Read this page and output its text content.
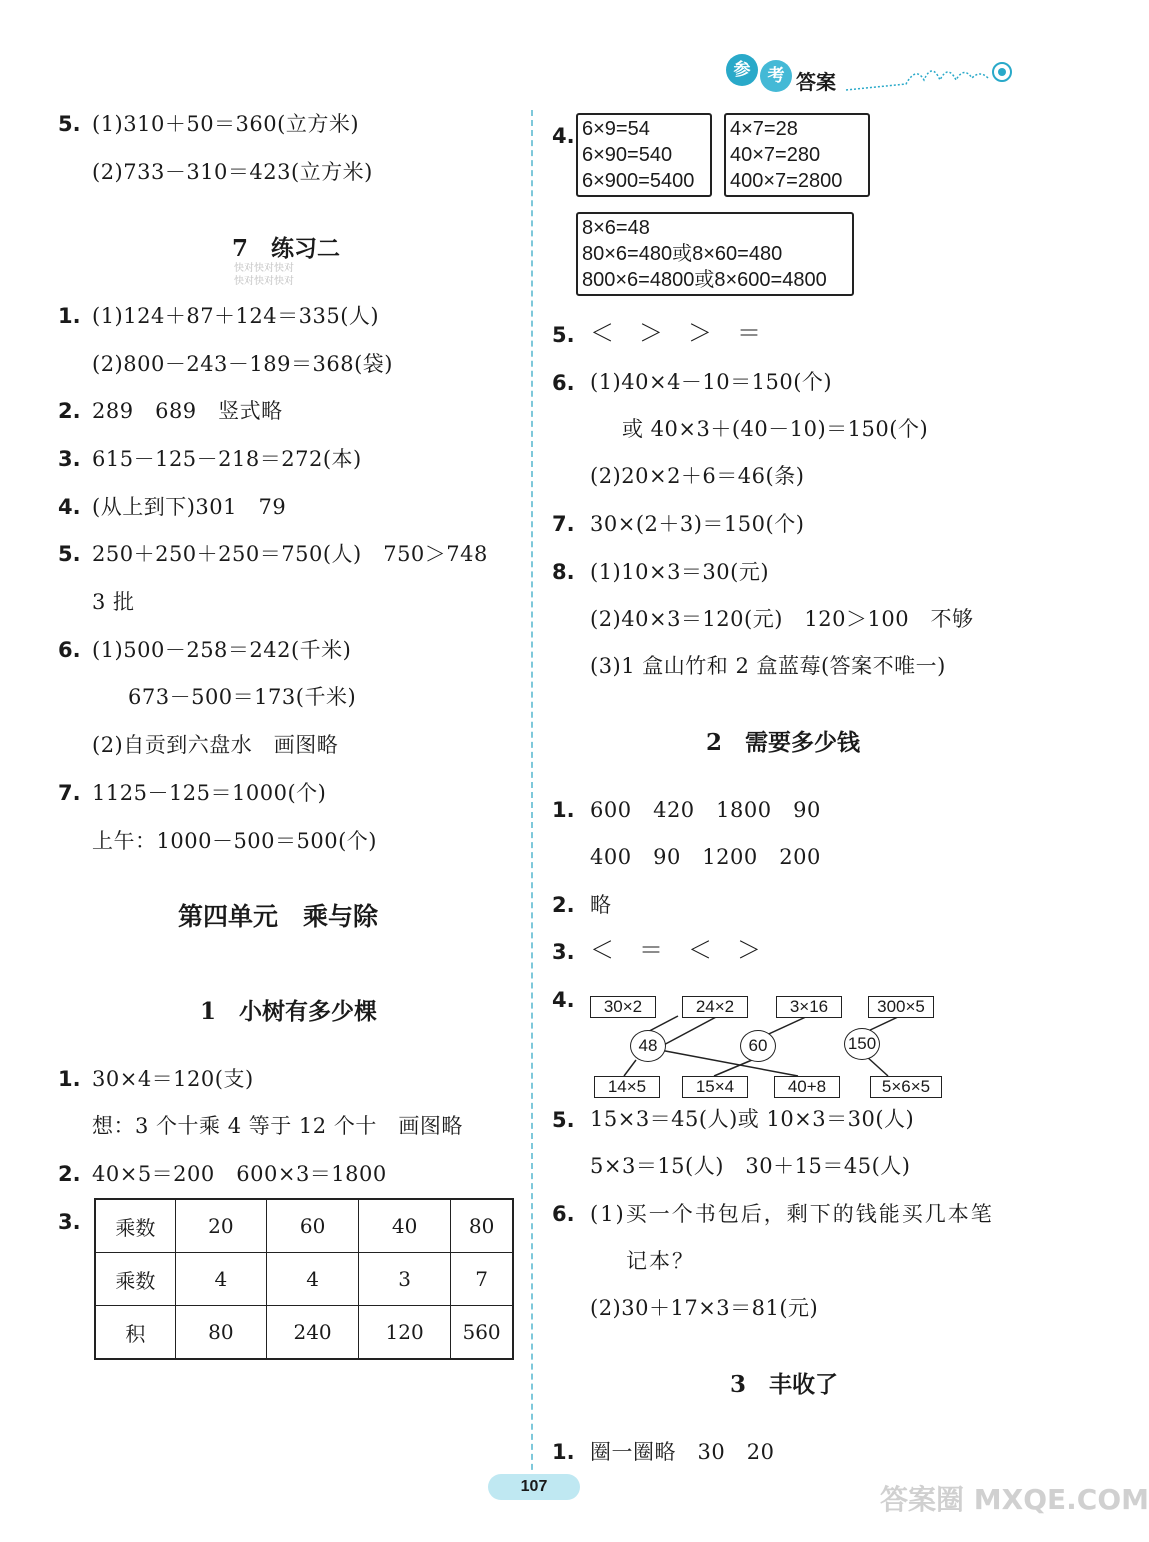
参	考 答案
5. (1)310＋50＝360(立方米)
(2)733－310＝423(立方米)
7　练习二
快对快对快对
快对快对快对
1. (1)124＋87＋124＝335(人)
(2)800－243－189＝368(袋)
2. 289　689　竖式略
3. 615－125－218＝272(本)
4. (从上到下)301　79
5. 250＋250＋250＝750(人)　750＞748
3 批
6. (1)500－258＝242(千米)
673－500＝173(千米)
(2)自贡到六盘水　画图略
7. 1125－125＝1000(个)
上午：1000－500＝500(个)
第四单元　乘与除
1　小树有多少棵
1. 30×4＝120(支)
想：3 个十乘 4 等于 12 个十　画图略
2. 40×5＝200　600×3＝1800
3. 乘数	20	60	40	80
乘数	4	4	3	7
积	80	240	120	560
4. 6×9=54
6×90=540
6×900=5400
4×7=28
40×7=280
400×7=2800
8×6=48
80×6=480或8×60=480
800×6=4800或8×600=4800
5. ＜　＞　＞　＝
6. (1)40×4－10＝150(个)
或 40×3＋(40－10)＝150(个)
(2)20×2＋6＝46(条)
7. 30×(2＋3)＝150(个)
8. (1)10×3＝30(元)
(2)40×3＝120(元)　120＞100　不够
(3)1 盒山竹和 2 盒蓝莓(答案不唯一)
2　需要多少钱
1. 600　420　1800　90
400　90　1200　200
2. 略
3. ＜　＝　＜　＞
4.	30×2	24×2	3×16	300×5
48	60	150
14×5	15×4	40+8	5×6×5
5. 15×3＝45(人)或 10×3＝30(人)
5×3＝15(人)　30＋15＝45(人)
6. (1)买一个书包后，剩下的钱能买几本笔
记本？
(2)30＋17×3＝81(元)
3　丰收了
1. 圈一圈略　30　20
107	答案圈 MXQE.COM
